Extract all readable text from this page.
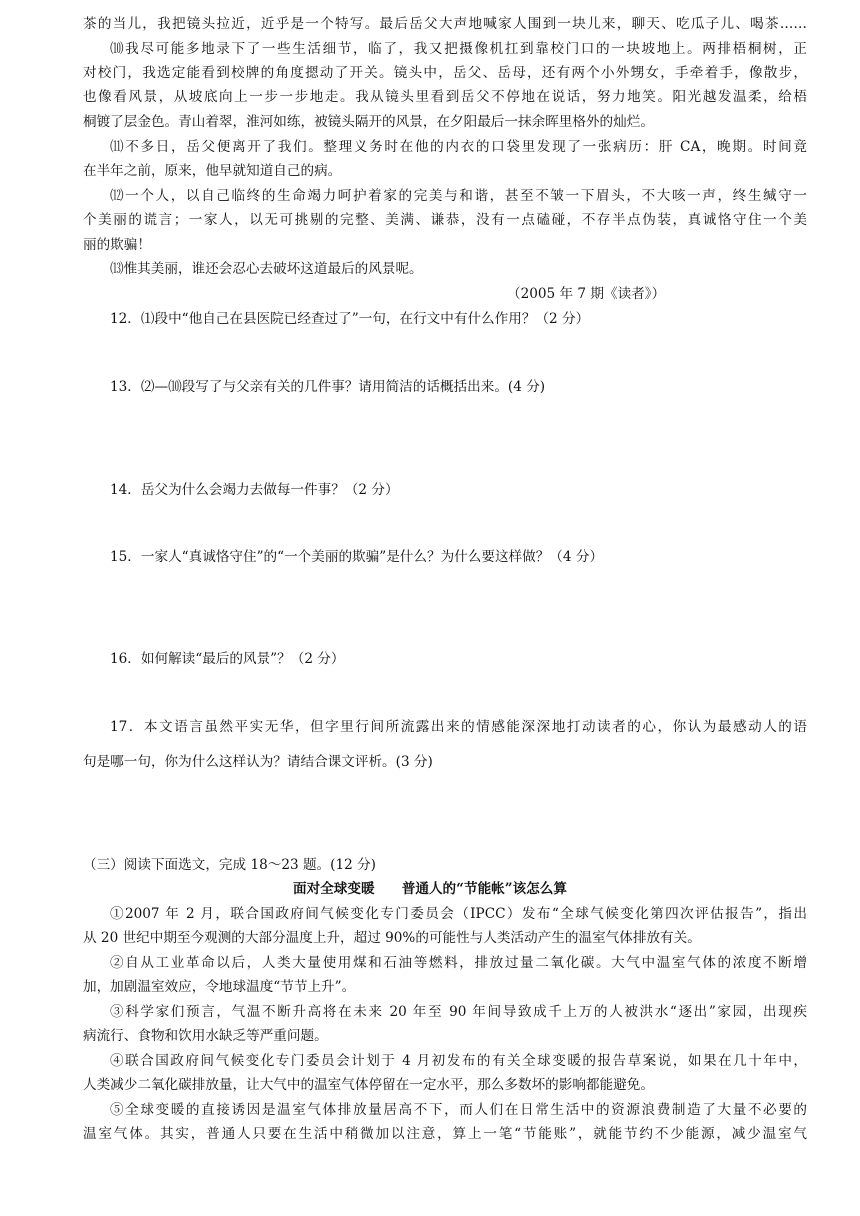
茶的当儿，我把镜头拉近，近乎是一个特写。最后岳父大声地喊家人围到一块儿来，聊天、吃瓜子儿、喝茶……
⑽我尽可能多地录下了一些生活细节，临了，我又把摄像机扛到靠校门口的一块坡地上。两排梧桐树，正
对校门，我选定能看到校牌的角度摁动了开关。镜头中，岳父、岳母，还有两个小外甥女，手牵着手，像散步，
也像看风景，从坡底向上一步一步地走。我从镜头里看到岳父不停地在说话，努力地笑。阳光越发温柔，给梧
桐镀了层金色。青山着翠，淮河如练，被镜头隔开的风景，在夕阳最后一抹余晖里格外的灿烂。
⑾不多日，岳父便离开了我们。整理义务时在他的内衣的口袋里发现了一张病历：肝 CA，晚期。时间竟
在半年之前，原来，他早就知道自己的病。
⑿一个人，以自己临终的生命竭力呵护着家的完美与和谐，甚至不皱一下眉头，不大咳一声，终生缄守一
个美丽的谎言；一家人，以无可挑剔的完整、美满、谦恭，没有一点磕碰，不存半点伪装，真诚恪守住一个美
丽的欺骗！
⒀惟其美丽，谁还会忍心去破坏这道最后的风景呢。
（2005 年 7 期《读者》）
12．⑴段中“他自己在县医院已经查过了”一句，在行文中有什么作用？（2 分）
13．⑵—⑽段写了与父亲有关的几件事？请用简洁的话概括出来。(4 分)
14．岳父为什么会竭力去做每一件事？（2 分）
15．一家人“真诚恪守住”的“一个美丽的欺骗”是什么？为什么要这样做？（4 分）
16．如何解读“最后的风景”？（2 分）
17．本文语言虽然平实无华，但字里行间所流露出来的情感能深深地打动读者的心，你认为最感动人的语
句是哪一句，你为什么这样认为？请结合课文评析。(3 分)
（三）阅读下面选文，完成 18～23 题。(12 分)
面对全球变暖　　普通人的“节能帐”该怎么算
①2007 年 2 月，联合国政府间气候变化专门委员会（IPCC）发布“全球气候变化第四次评估报告”，指出
从 20 世纪中期至今观测的大部分温度上升，超过 90%的可能性与人类活动产生的温室气体排放有关。
②自从工业革命以后，人类大量使用煤和石油等燃料，排放过量二氧化碳。大气中温室气体的浓度不断增
加，加剧温室效应，令地球温度“节节上升”。
③科学家们预言，气温不断升高将在未来 20 年至 90 年间导致成千上万的人被洪水“逐出”家园，出现疾
病流行、食物和饮用水缺乏等严重问题。
④联合国政府间气候变化专门委员会计划于 4 月初发布的有关全球变暖的报告草案说，如果在几十年中，
人类减少二氧化碳排放量，让大气中的温室气体停留在一定水平，那么多数坏的影响都能避免。
⑤全球变暖的直接诱因是温室气体排放量居高不下，而人们在日常生活中的资源浪费制造了大量不必要的
温室气体。其实，普通人只要在生活中稍微加以注意，算上一笔“节能账”，就能节约不少能源，减少温室气
